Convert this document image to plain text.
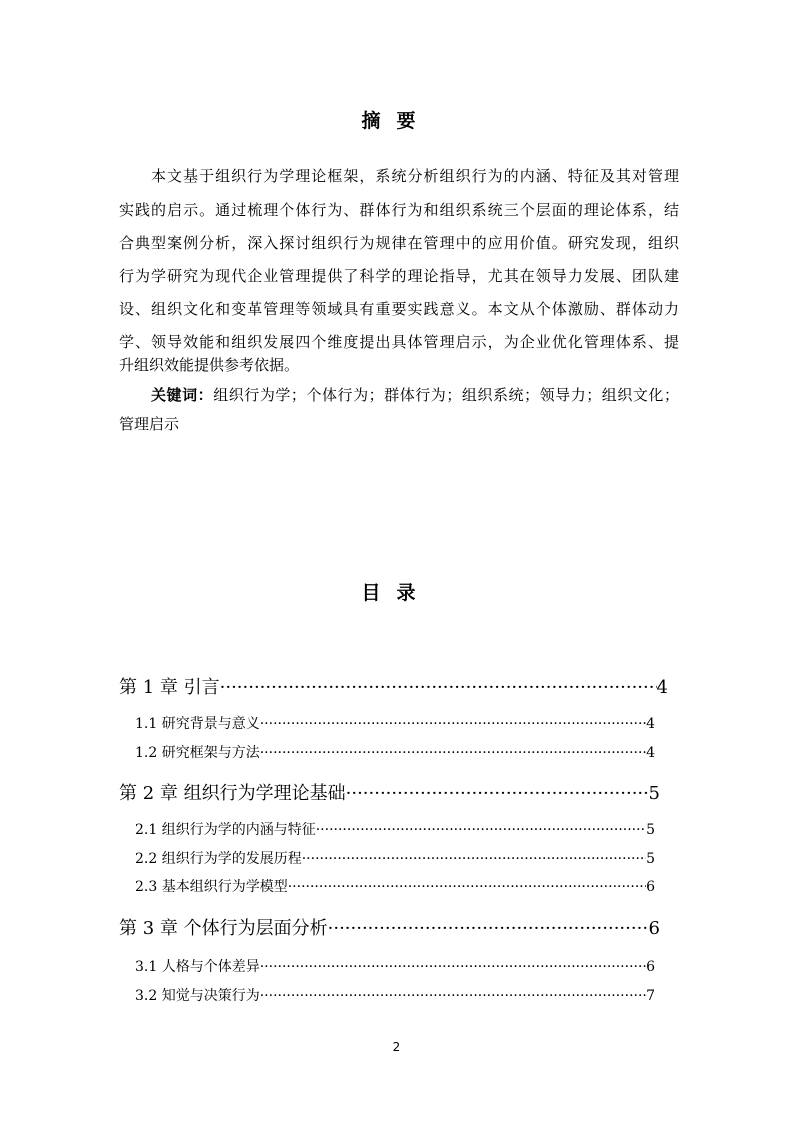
摘要
本文基于组织行为学理论框架，系统分析组织行为的内涵、特征及其对管理
实践的启示。通过梳理个体行为、群体行为和组织系统三个层面的理论体系，结
合典型案例分析，深入探讨组织行为规律在管理中的应用价值。研究发现，组织
行为学研究为现代企业管理提供了科学的理论指导，尤其在领导力发展、团队建
设、组织文化和变革管理等领域具有重要实践意义。本文从个体激励、群体动力
学、领导效能和组织发展四个维度提出具体管理启示，为企业优化管理体系、提
升组织效能提供参考依据。
关键词：组织行为学；个体行为；群体行为；组织系统；领导力；组织文化；
管理启示
目录
第 1 章 引言 ·····	4
1.1 研究背景与意义 ·····	4
1.2 研究框架与方法 ·····	4
第 2 章 组织行为学理论基础 ·····	5
2.1 组织行为学的内涵与特征 ·····	5
2.2 组织行为学的发展历程 ·····	5
2.3 基本组织行为学模型 ·····	6
第 3 章 个体行为层面分析 ·····	6
3.1 人格与个体差异 ·····	6
3.2 知觉与决策行为 ·····	7
2
